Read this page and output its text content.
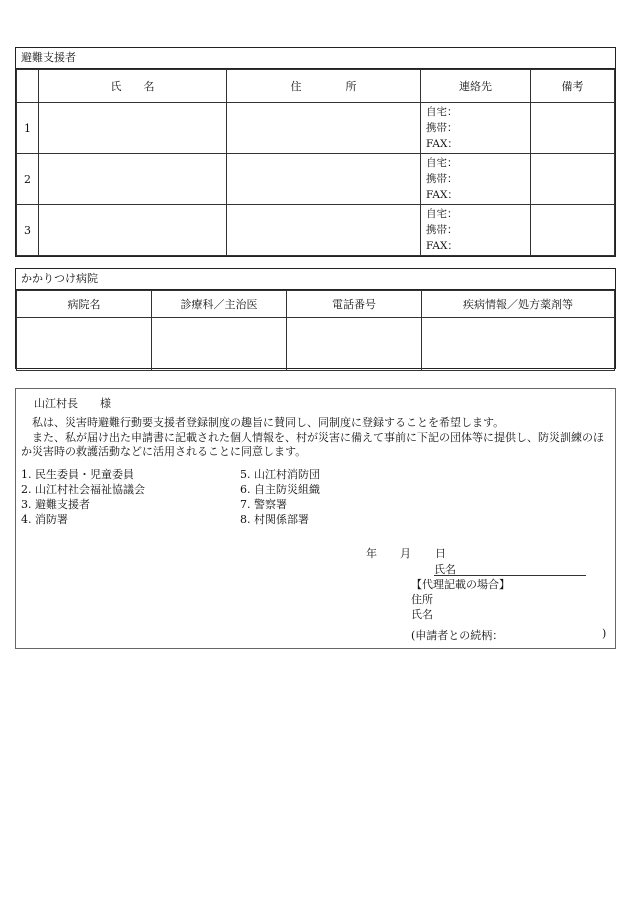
避難支援者
	氏　　名	住　　　　所	連絡先	備考
1			自宅：
携帯：
FAX：	

2			自宅：
携帯：
FAX：	

3			自宅：
携帯：
FAX：	

かかりつけ病院
病院名	診療科／主治医	電話番号	疾病情報／処方薬剤等

山江村長　　様
　私は、災害時避難行動要支援者登録制度の趣旨に賛同し、同制度に登録することを希望します。
　また、私が届け出た申請書に記載された個人情報を、村が災害に備えて事前に下記の団体等に提供し、防災訓練のほか災害時の救護活動などに活用されることに同意します。
1. 民生委員・児童委員
2. 山江村社会福祉協議会
3. 避難支援者
4. 消防署
5. 山江村消防団
6. 自主防災組織
7. 警察署
8. 村関係部署
年 月 日
氏名
【代理記載の場合】
住所
氏名
(申請者との続柄：	)
